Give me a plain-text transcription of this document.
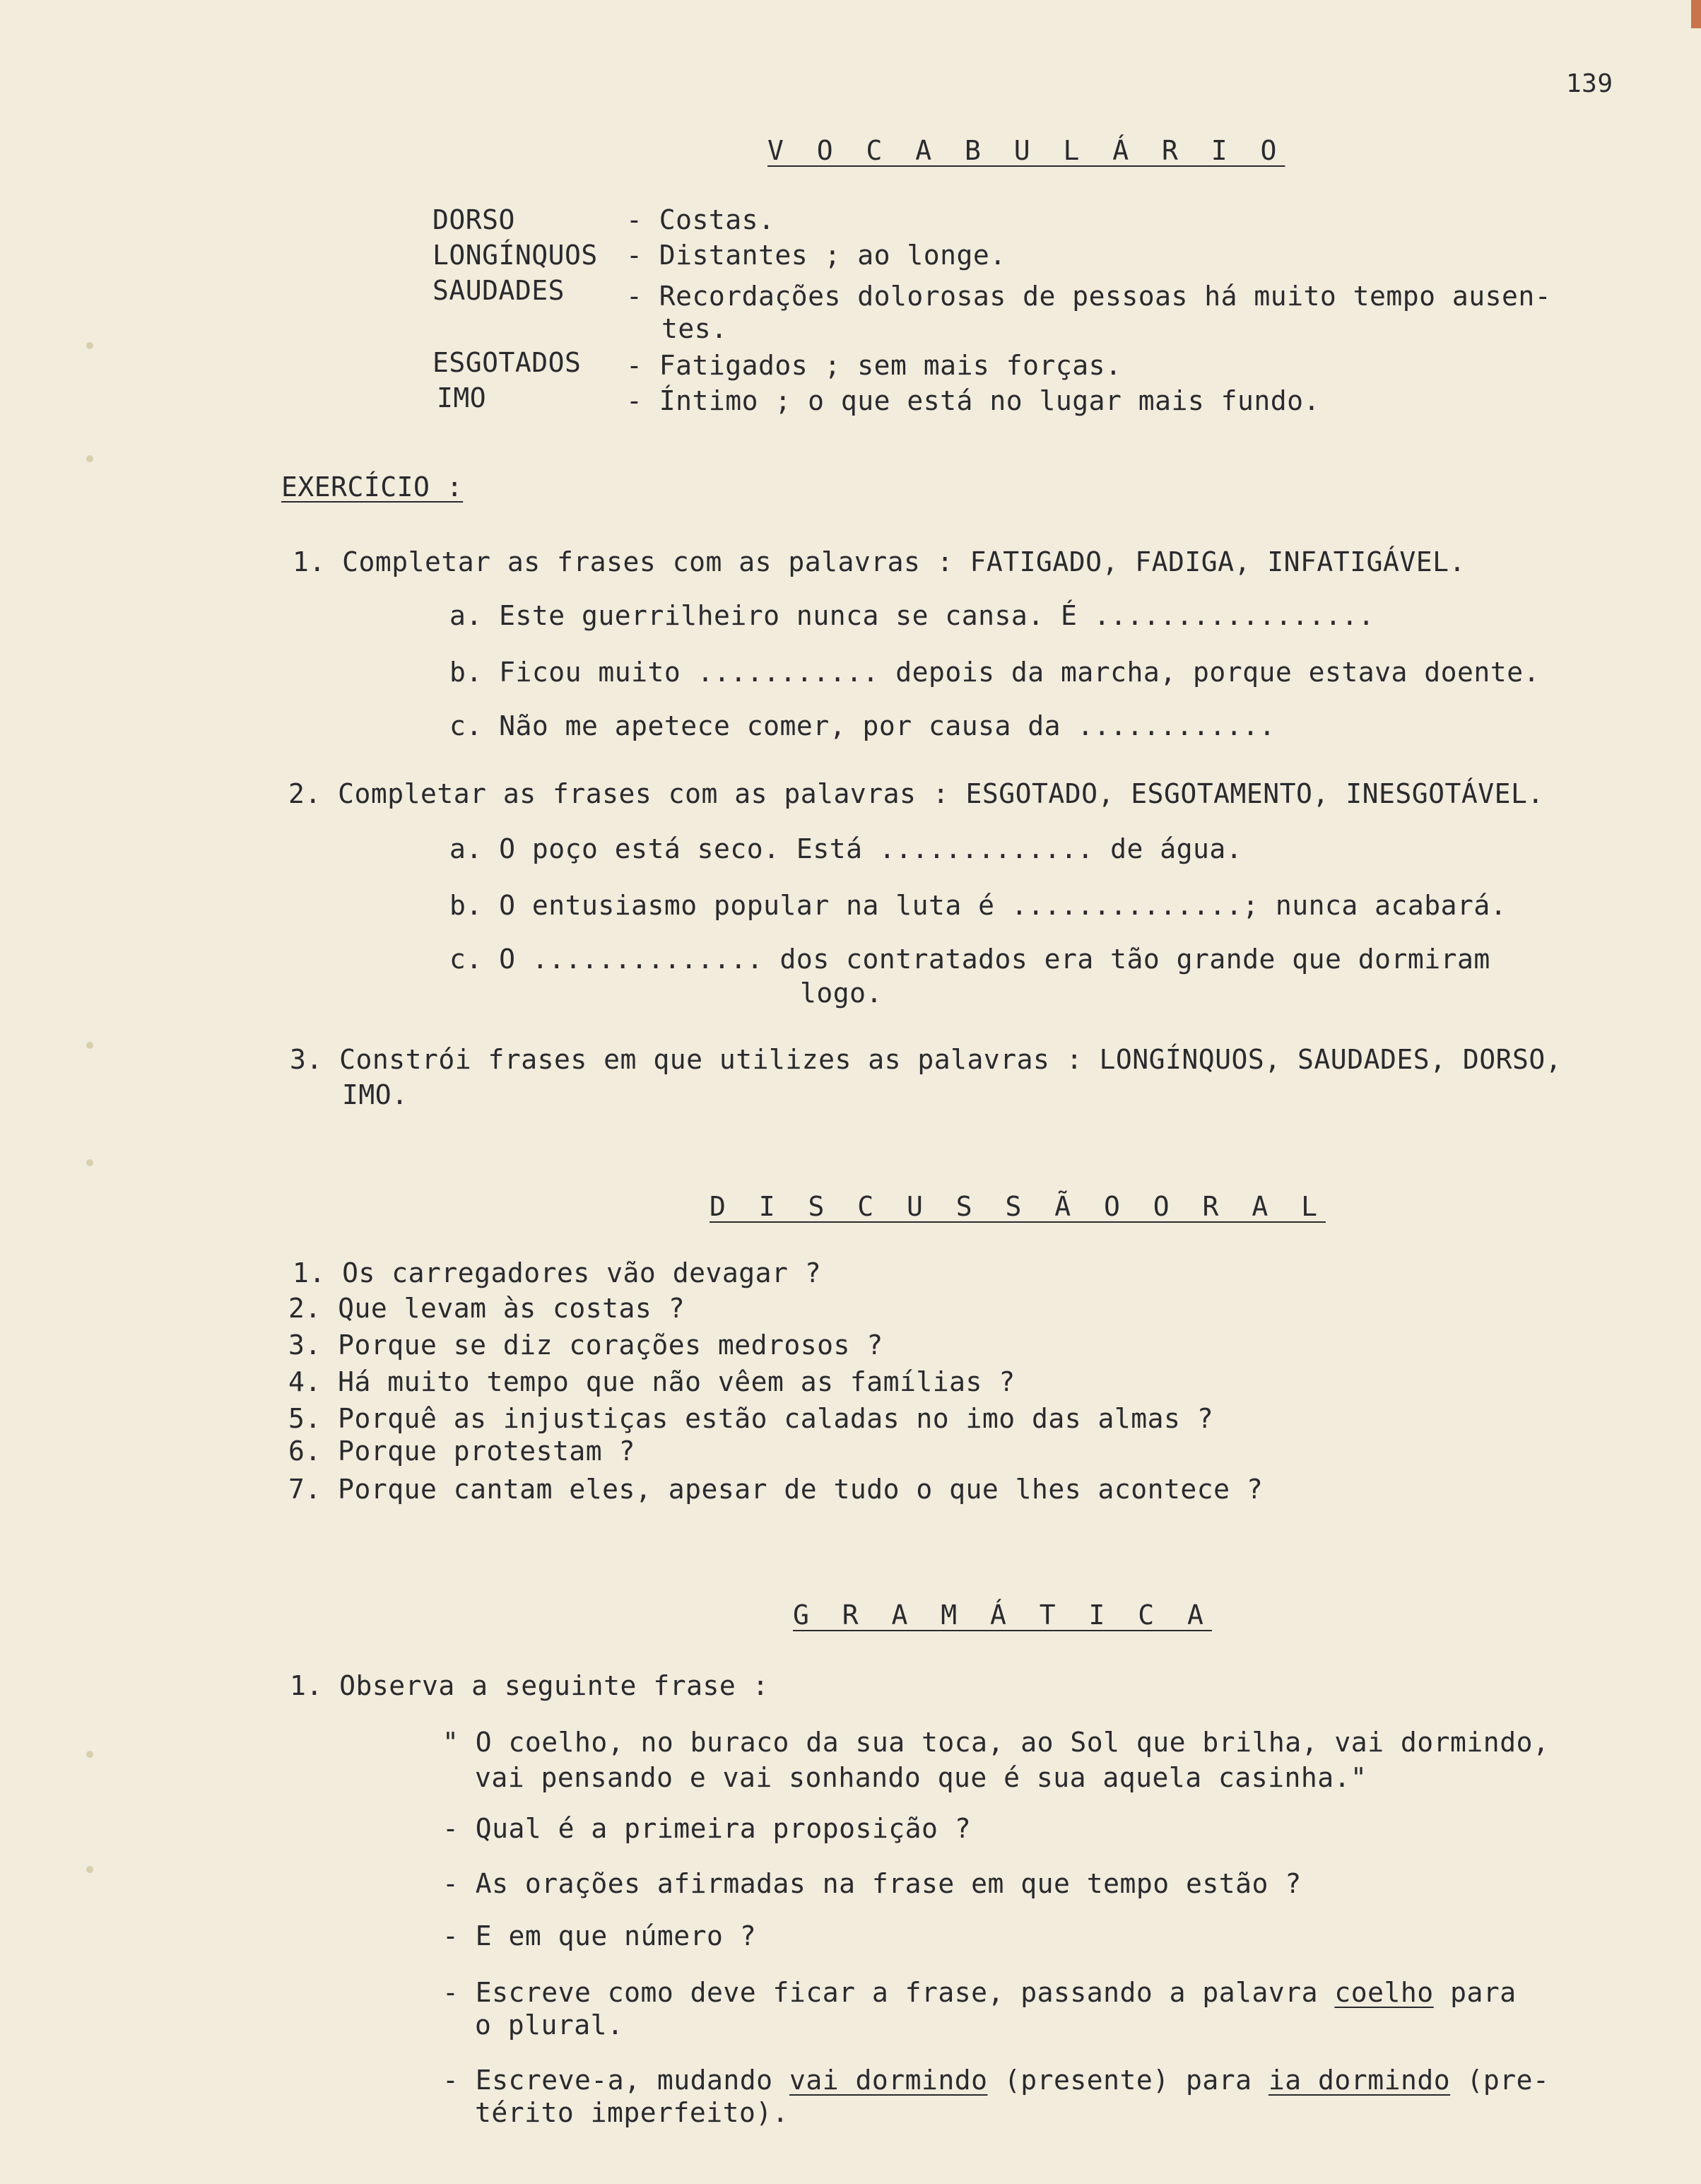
139
V O C A B U L Á R I O
DORSO	- Costas.
LONGÍNQUOS - Distantes ; ao longe.
SAUDADES - Recordações dolorosas de pessoas há muito tempo ausen-
tes.
ESGOTADOS - Fatigados ; sem mais forças.
IMO	- Íntimo ; o que está no lugar mais fundo.
EXERCÍCIO :
1. Completar as frases com as palavras : FATIGADO, FADIGA, INFATIGÁVEL.
a. Este guerrilheiro nunca se cansa. É .................
b. Ficou muito ........... depois da marcha, porque estava doente.
c. Não me apetece comer, por causa da ............
2. Completar as frases com as palavras : ESGOTADO, ESGOTAMENTO, INESGOTÁVEL.
a. O poço está seco. Está ............. de água.
b. O entusiasmo popular na luta é ..............; nunca acabará.
c. O .............. dos contratados era tão grande que dormiram
logo.
3. Constrói frases em que utilizes as palavras : LONGÍNQUOS, SAUDADES, DORSO,
IMO.
D I S C U S S Ã O O R A L
1. Os carregadores vão devagar ?
2. Que levam às costas ?
3. Porque se diz corações medrosos ?
4. Há muito tempo que não vêem as famílias ?
5. Porquê as injustiças estão caladas no imo das almas ?
6. Porque protestam ?
7. Porque cantam eles, apesar de tudo o que lhes acontece ?
G R A M Á T I C A
1. Observa a seguinte frase :
" O coelho, no buraco da sua toca, ao Sol que brilha, vai dormindo,
vai pensando e vai sonhando que é sua aquela casinha."
- Qual é a primeira proposição ?
- As orações afirmadas na frase em que tempo estão ?
- E em que número ?
- Escreve como deve ficar a frase, passando a palavra coelho para
o plural.
- Escreve-a, mudando vai dormindo (presente) para ia dormindo (pre-
térito imperfeito).
